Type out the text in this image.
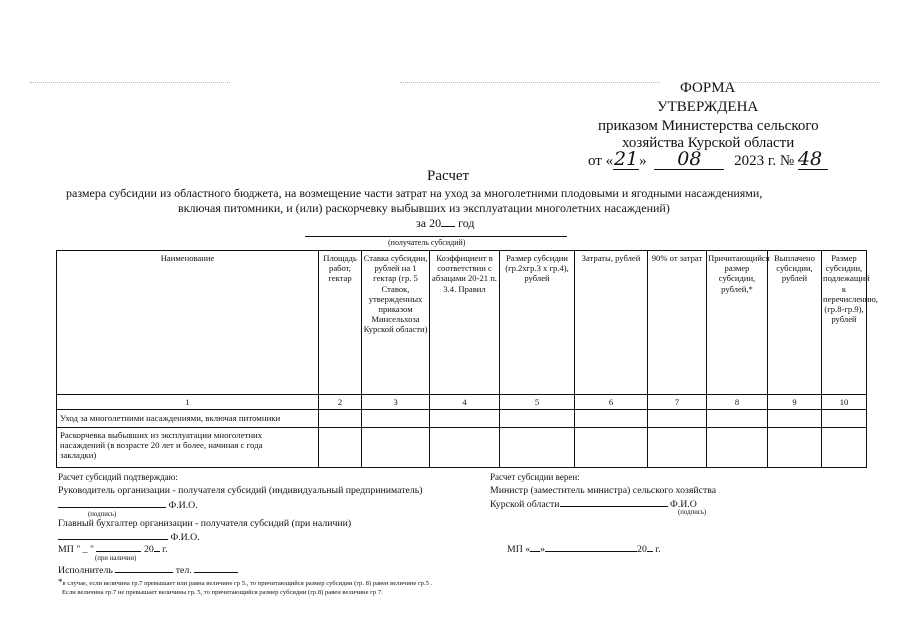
ФОРМА
УТВЕРЖДЕНА
приказом Министерства сельского
хозяйства Курской области
от «21» 08 2023 г. № 48
Расчет
размера субсидии из областного бюджета, на возмещение части затрат на уход за многолетними плодовыми и ягодными насаждениями,
включая питомники, и (или) раскорчевку выбывших из эксплуатации многолетних насаждений)
за 20 год
(получатель субсидий)
Наименование	Площадь работ, гектар	Ставка субсидии, рублей на 1 гектар (гр. 5 Ставок, утвержденных приказом Минсельхоза Курской области)	Коэффициент в соответствии с абзацами 20-21 п. 3.4. Правил	Размер субсидии (гр.2хгр.3 х гр.4), рублей	Затраты, рублей	90% от затрат	Причитающийся размер субсидии, рублей,*	Выплачено субсидии, рублей	Размер субсидии, подлежащий к перечислению, (гр.8-гр.9), рублей
1	2	3	4	5	6	7	8	9	10
Уход за многолетними насаждениями, включая питомники									
Раскорчевка выбывших из эксплуатации многолетних насаждений (в возрасте 20 лет и более, начиная с года закладки)									
Расчет субсидий подтверждаю:
Руководитель организации - получателя субсидий (индивидуальный предприниматель)
Ф.И.О.
(подпись)
Главный бухгалтер организации - получателя субсидий (при наличии)
Ф.И.О.
МП " _ "	20 г.
(при наличии)
Исполнитель	тел.
*в случае, если величина гр.7 превышает или равна величине гр 5., то причитающийся размер субсидии (гр. 8) равен величине гр.5 .
Если величина гр.7 не превышает величины гр. 5, то причитающийся размер субсидии (гр.8) равен величине гр 7.
Расчет субсидии верен:
Министр (заместитель министра) сельского хозяйства
Курской области	Ф.И.О
(подпись)
МП « »	20 г.
